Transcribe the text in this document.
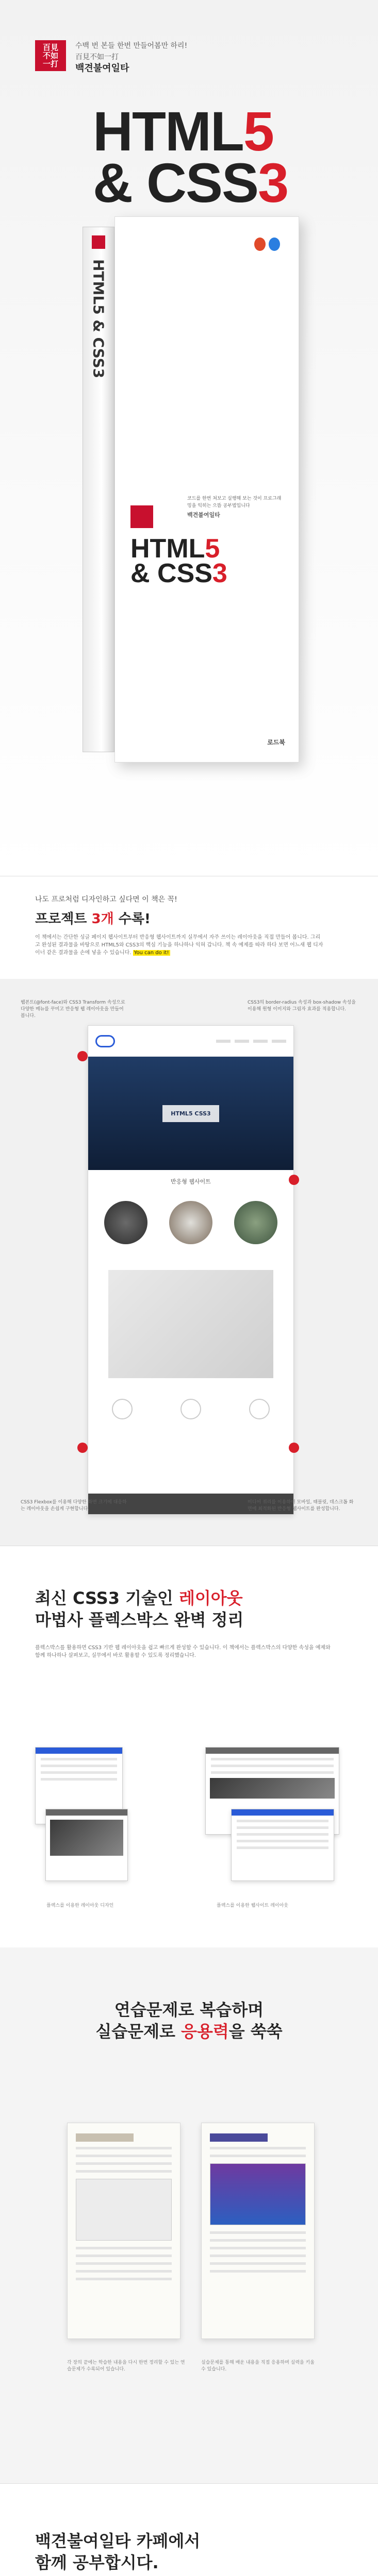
百見
不如
一打
수백 번 본들 한번 만들어봄만 하리!
百見不如一打
백견불여일타
HTML5
& CSS3
HTML5 & CSS3
코드를 한번 쳐보고 실행해 보는 것이 프로그래밍을 익히는 으뜸 공부법입니다
백견불여일타
HTML5
& CSS3
로드북
나도 프로처럼 디자인하고 싶다면 이 책은 꼭!
프로젝트 3개 수록!
이 책에서는 간단한 싱글 페이지 웹사이트부터 반응형 웹사이트까지 실무에서 자주 쓰이는 레이아웃을 직접 만들어 봅니다. 그리고 완성된 결과물을 바탕으로 HTML5와 CSS3의 핵심 기능을 하나하나 익혀 갑니다. 책 속 예제를 따라 하다 보면 어느새 웹 디자이너 같은 결과물을 손에 넣을 수 있습니다. You can do it!
웹폰트(@font-face)와 CSS3 Transform 속성으로 다양한 메뉴를 꾸미고 반응형 웹 레이아웃을 만들어 봅니다.
CSS3의 border-radius 속성과 box-shadow 속성을 이용해 원형 이미지와 그림자 효과를 적용합니다.
HTML5 CSS3
반응형 웹사이트
CSS3 Flexbox를 이용해 다양한 화면 크기에 대응하는 레이아웃을 손쉽게 구현합니다.
미디어 쿼리를 이용하여 모바일, 태블릿, 데스크톱 화면에 최적화된 반응형 웹사이트를 완성합니다.
최신 CSS3 기술인 레이아웃
마법사 플렉스박스 완벽 정리
플렉스박스를 활용하면 CSS3 기반 웹 레이아웃을 쉽고 빠르게 완성할 수 있습니다. 이 책에서는 플렉스박스의 다양한 속성을 예제와 함께 하나하나 살펴보고, 실무에서 바로 활용할 수 있도록 정리했습니다.
플렉스를 이용한 레이아웃 디자인	플렉스를 이용한 웹사이트 레이아웃
연습문제로 복습하며
실습문제로 응용력을 쑥쑥
각 장의 끝에는 학습한 내용을 다시 한번 정리할 수 있는 연습문제가 수록되어 있습니다.
실습문제를 통해 배운 내용을 직접 응용하며 실력을 키울 수 있습니다.
백견불여일타 카페에서
함께 공부합시다.
